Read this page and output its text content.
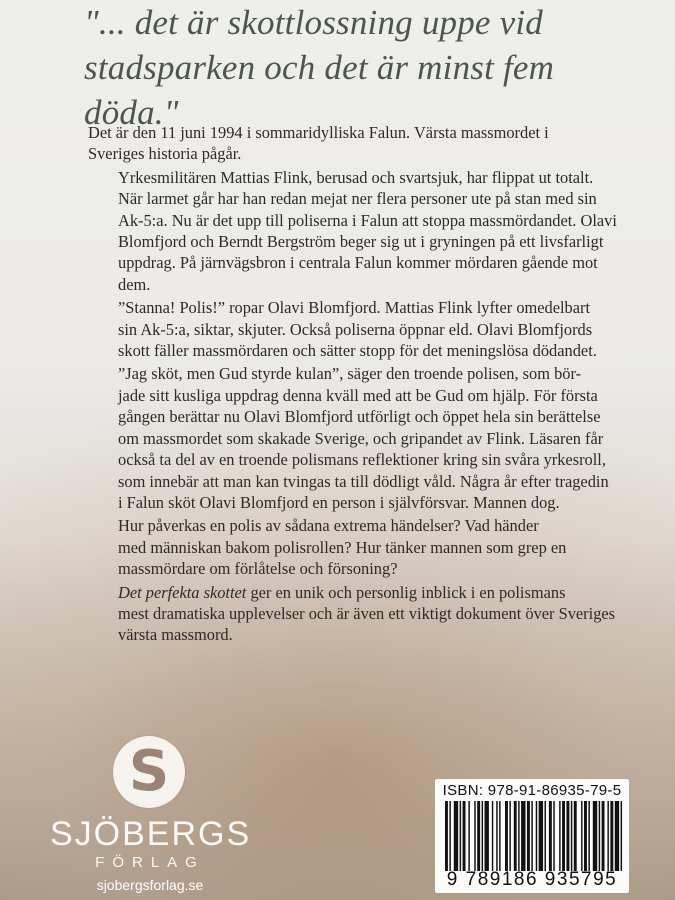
"... det är skottlossning uppe vid
stadsparken och det är minst fem
döda."

Det är den 11 juni 1994 i sommaridylliska Falun. Värsta massmordet i
Sveriges historia pågår.

Yrkesmilitären Mattias Flink, berusad och svartsjuk, har flippat ut totalt.
När larmet går har han redan mejat ner flera personer ute på stan med sin
Ak-5:a. Nu är det upp till poliserna i Falun att stoppa massmördandet. Olavi
Blomfjord och Berndt Bergström beger sig ut i gryningen på ett livsfarligt
uppdrag. På järnvägsbron i centrala Falun kommer mördaren gående mot
dem.

”Stanna! Polis!” ropar Olavi Blomfjord. Mattias Flink lyfter omedelbart
sin Ak-5:a, siktar, skjuter. Också poliserna öppnar eld. Olavi Blomfjords
skott fäller massmördaren och sätter stopp för det meningslösa dödandet.

”Jag sköt, men Gud styrde kulan”, säger den troende polisen, som bör-
jade sitt kusliga uppdrag denna kväll med att be Gud om hjälp. För första
gången berättar nu Olavi Blomfjord utförligt och öppet hela sin berättelse
om massmordet som skakade Sverige, och gripandet av Flink. Läsaren får
också ta del av en troende polismans reflektioner kring sin svåra yrkesroll,
som innebär att man kan tvingas ta till dödligt våld. Några år efter tragedin
i Falun sköt Olavi Blomfjord en person i självförsvar. Mannen dog.

Hur påverkas en polis av sådana extrema händelser? Vad händer
med människan bakom polisrollen? Hur tänker mannen som grep en
massmördare om förlåtelse och försoning?

Det perfekta skottet ger en unik och personlig inblick i en polismans
mest dramatiska upplevelser och är även ett viktigt dokument över Sveriges
värsta massmord.

S
SJÖBERGS
FÖRLAG
sjobergsforlag.se
ISBN: 978-91-86935-79-5
9 789186 935795
